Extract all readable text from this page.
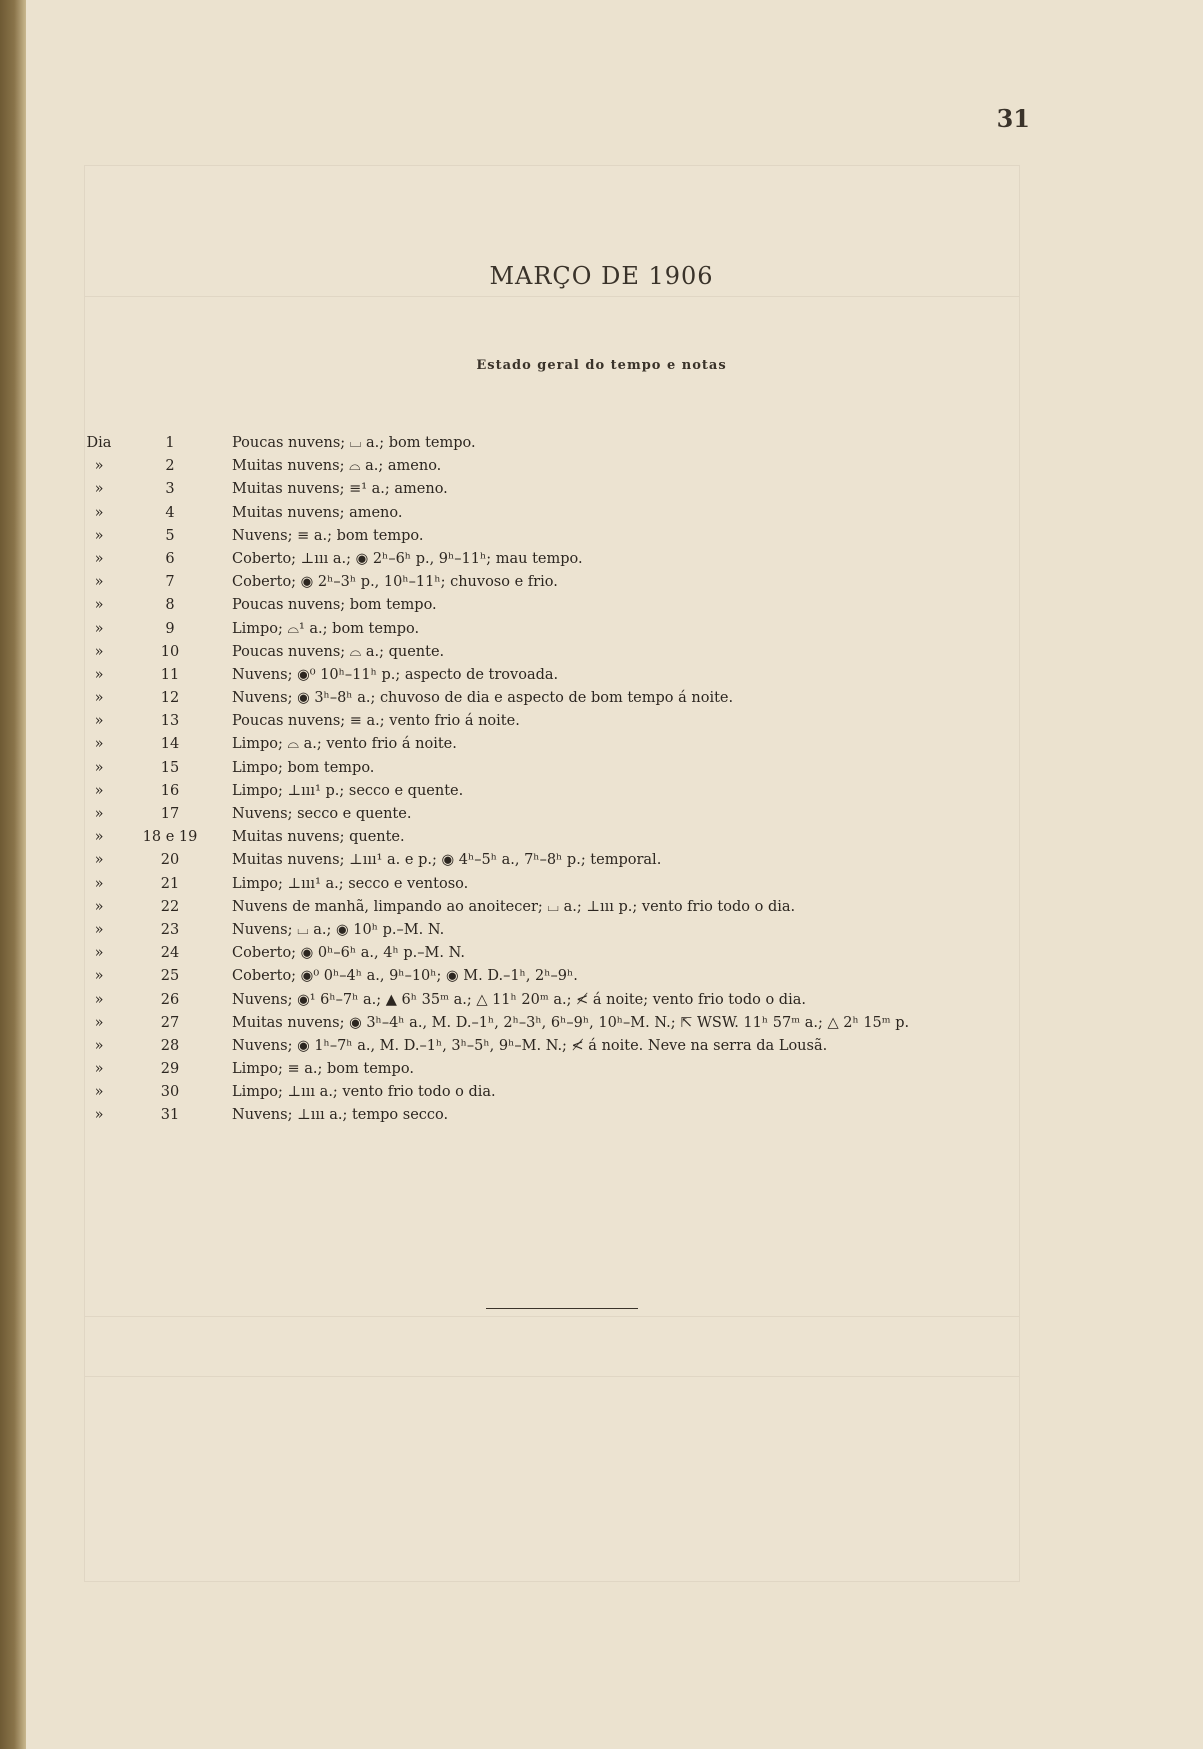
31
MARÇO DE 1906
Estado geral do tempo e notas
Dia	1	Poucas nuvens; ⌴ a.; bom tempo.
»	2	Muitas nuvens; ⌓ a.; ameno.
»	3	Muitas nuvens; ≡¹ a.; ameno.
»	4	Muitas nuvens; ameno.
»	5	Nuvens; ≡ a.; bom tempo.
»	6	Coberto; ⊥ııı a.; ◉ 2ʰ–6ʰ p., 9ʰ–11ʰ; mau tempo.
»	7	Coberto; ◉ 2ʰ–3ʰ p., 10ʰ–11ʰ; chuvoso e frio.
»	8	Poucas nuvens; bom tempo.
»	9	Limpo; ⌓¹ a.; bom tempo.
»	10	Poucas nuvens; ⌓ a.; quente.
»	11	Nuvens; ◉⁰ 10ʰ–11ʰ p.; aspecto de trovoada.
»	12	Nuvens; ◉ 3ʰ–8ʰ a.; chuvoso de dia e aspecto de bom tempo á noite.
»	13	Poucas nuvens; ≡ a.; vento frio á noite.
»	14	Limpo; ⌓ a.; vento frio á noite.
»	15	Limpo; bom tempo.
»	16	Limpo; ⊥ııı¹ p.; secco e quente.
»	17	Nuvens; secco e quente.
»	18 e 19	Muitas nuvens; quente.
»	20	Muitas nuvens; ⊥ııı¹ a. e p.; ◉ 4ʰ–5ʰ a., 7ʰ–8ʰ p.; temporal.
»	21	Limpo; ⊥ııı¹ a.; secco e ventoso.
»	22	Nuvens de manhã, limpando ao anoitecer; ⌴ a.; ⊥ııı p.; vento frio todo o dia.
»	23	Nuvens; ⌴ a.; ◉ 10ʰ p.–M. N.
»	24	Coberto; ◉ 0ʰ–6ʰ a., 4ʰ p.–M. N.
»	25	Coberto; ◉⁰ 0ʰ–4ʰ a., 9ʰ–10ʰ; ◉ M. D.–1ʰ, 2ʰ–9ʰ.
»	26	Nuvens; ◉¹ 6ʰ–7ʰ a.; ▲ 6ʰ 35ᵐ a.; △ 11ʰ 20ᵐ a.; ≮ á noite; vento frio todo o dia.
»	27	Muitas nuvens; ◉ 3ʰ–4ʰ a., M. D.–1ʰ, 2ʰ–3ʰ, 6ʰ–9ʰ, 10ʰ–M. N.; ⇱ WSW. 11ʰ 57ᵐ a.; △ 2ʰ 15ᵐ p.
»	28	Nuvens; ◉ 1ʰ–7ʰ a., M. D.–1ʰ, 3ʰ–5ʰ, 9ʰ–M. N.; ≮ á noite. Neve na serra da Lousã.
»	29	Limpo; ≡ a.; bom tempo.
»	30	Limpo; ⊥ııı a.; vento frio todo o dia.
»	31	Nuvens; ⊥ııı a.; tempo secco.
